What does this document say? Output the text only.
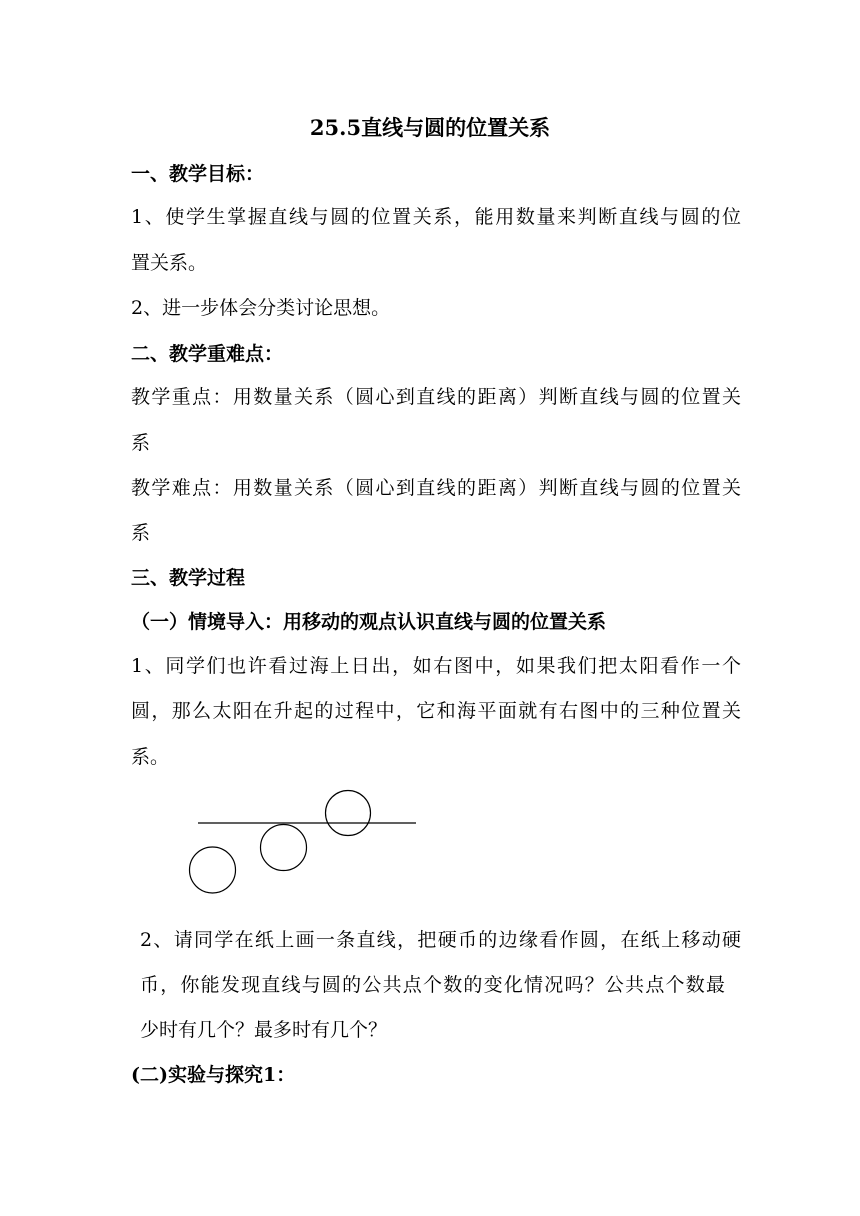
25.5直线与圆的位置关系
一、教学目标：
1、使学生掌握直线与圆的位置关系，能用数量来判断直线与圆的位
置关系。
2、进一步体会分类讨论思想。
二、教学重难点：
教学重点：用数量关系（圆心到直线的距离）判断直线与圆的位置关
系
教学难点：用数量关系（圆心到直线的距离）判断直线与圆的位置关
系
三、教学过程
（一）情境导入：用移动的观点认识直线与圆的位置关系
1、同学们也许看过海上日出，如右图中，如果我们把太阳看作一个
圆，那么太阳在升起的过程中，它和海平面就有右图中的三种位置关
系。
2、请同学在纸上画一条直线，把硬币的边缘看作圆，在纸上移动硬
币，你能发现直线与圆的公共点个数的变化情况吗？公共点个数最
少时有几个？最多时有几个？
(二)实验与探究1：
